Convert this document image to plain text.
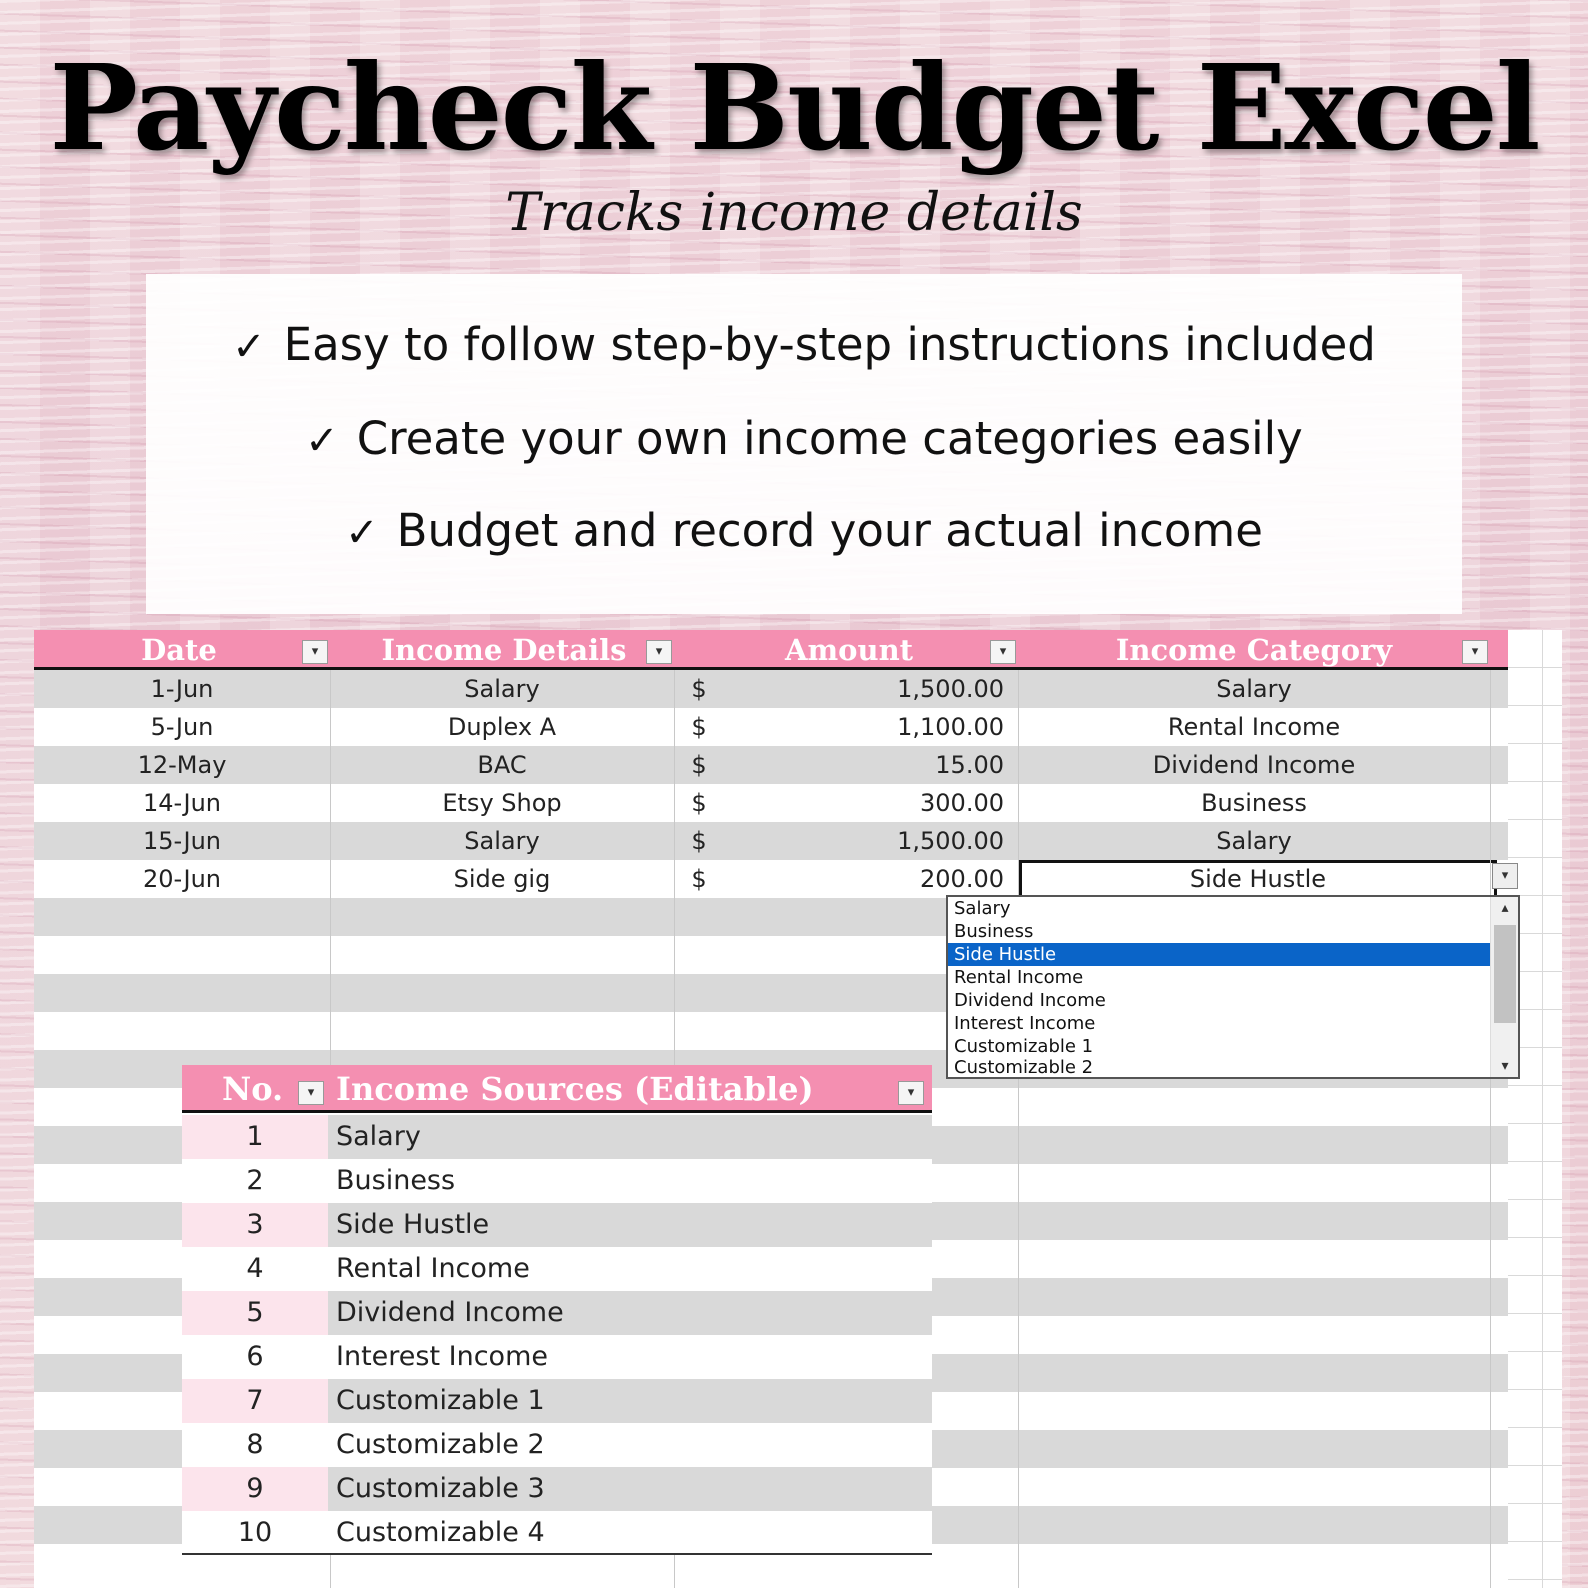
Paycheck Budget Excel
Tracks income details
✓ Easy to follow step-by-step instructions included
✓ Create your own income categories easily
✓ Budget and record your actual income
Date	▾	Income Details	▾	Amount	▾	Income Category	▾
1-Jun	Salary	$	1,500.00	Salary
5-Jun	Duplex A	$	1,100.00	Rental Income
12-May	BAC	$	15.00	Dividend Income
14-Jun	Etsy Shop	$	300.00	Business
15-Jun	Salary	$	1,500.00	Salary
20-Jun	Side gig	$	200.00	Side Hustle	▾
Salary
Business
Side Hustle
Rental Income
Dividend Income
Interest Income
Customizable 1
Customizable 2
▴
▾
No.	▾ Income Sources (Editable)	▾
1	Salary
2	Business
3	Side Hustle
4	Rental Income
5	Dividend Income
6	Interest Income
7	Customizable 1
8	Customizable 2
9	Customizable 3
10	Customizable 4
